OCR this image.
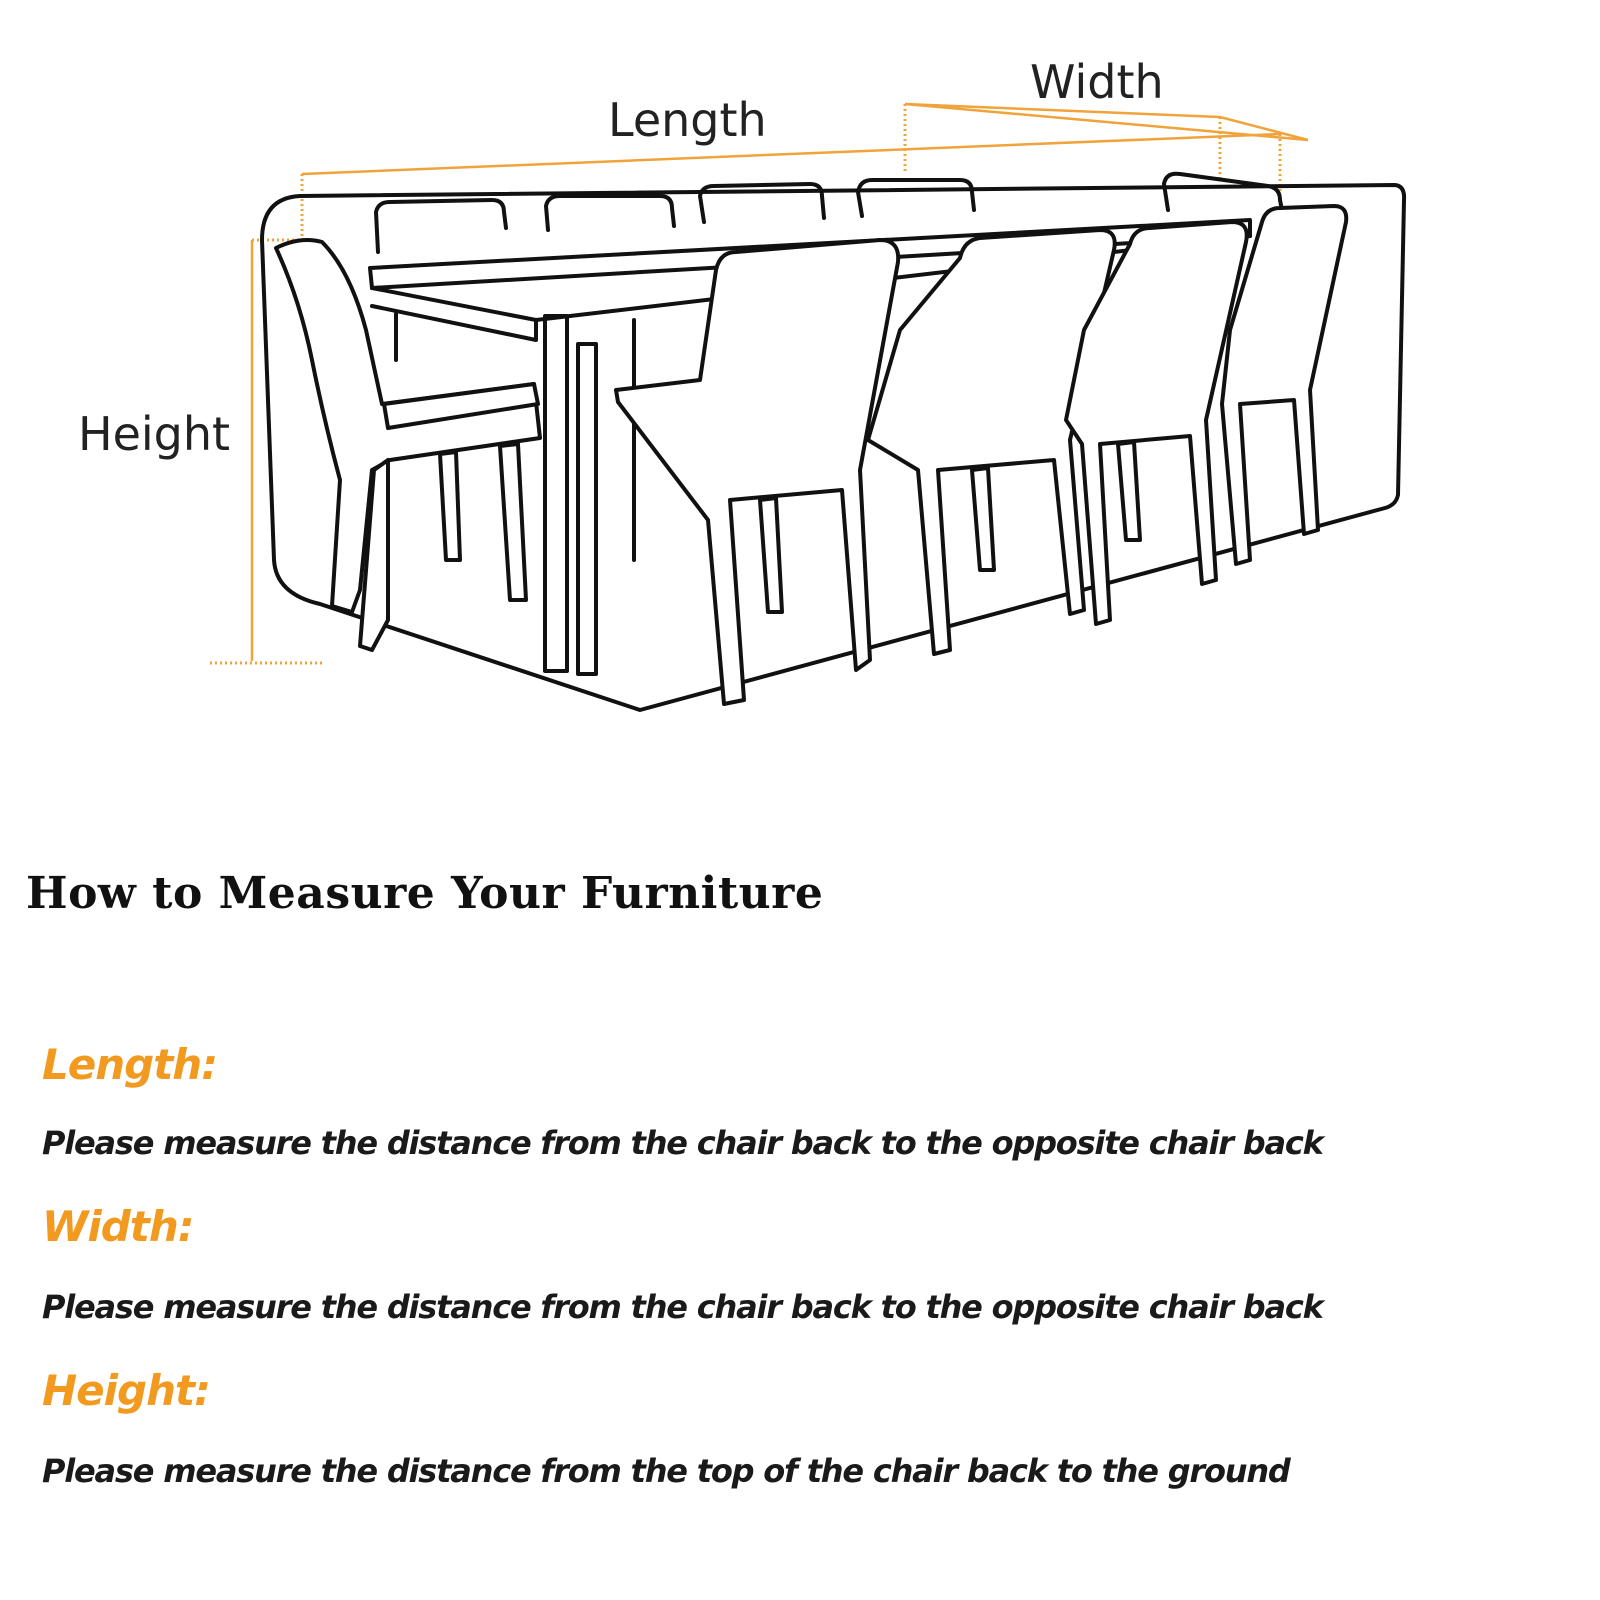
Length
Width
Height
How to Measure Your Furniture

Length:

Please measure the distance from the chair back to the opposite chair back

Width:

Please measure the distance from the chair back to the opposite chair back

Height:

Please measure the distance from the top of the chair back to the ground
